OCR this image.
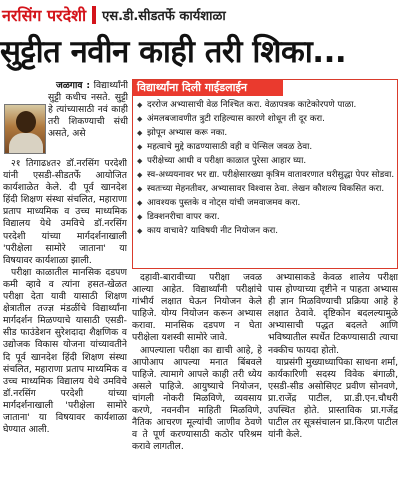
नरसिंग परदेशी एस.डी.सीडतर्फे कार्यशाळा
सुट्टीत नवीन काही तरी शिका...

जळगाव : विद्यार्थ्यांनी सुट्टी कधीच नसते. सुट्टी हे त्यांच्यासाठी नवं काही तरी शिकण्याची संधी असते, असे

२१ तिगाढ४त२ डॉ.नरसिंग परदेशी यांनी एसडी-सीडतर्फे आयोजित कार्यशाळेत केले. दी पूर्व खानदेश हिंदी शिक्षण संस्था संचलित, महाराणा प्रताप माध्यमिक व उच्च माध्यमिक विद्यालय येथे उमविचे डॉ.नरसिंग परदेशी यांच्या मार्गदर्शनाखाली 'परीक्षेला सामोरे जाताना' या विषयावर कार्यशाळा झाली.

परीक्षा काळातील मानसिक दडपण कमी व्हावे व त्यांना हसत-खेळत परीक्षा देता यावी यासाठी शिक्षण क्षेत्रातील तज्ज्ञ मंडळींचे विद्यार्थ्यांना मार्गदर्शन मिळण्याचे यासाठी एसडी-सीड फाउंडेशन सुरेशदादा शैक्षणिक व उद्योजक विकास योजना यांच्यावतीने दि पूर्व खानदेश हिंदी शिक्षण संस्था संचलित, महाराणा प्रताप माध्यमिक व उच्च माध्यमिक विद्यालय येथे उमविचे डॉ.नरसिंग परदेशी यांच्या मार्गदर्शनाखाली 'परीक्षेला सामोरे जाताना' या विषयावर कार्यशाळा घेण्यात आली.

विद्यार्थ्यांना दिली गाईडलाईन
◆ दररोज अभ्यासाची वेळ निश्चित करा. वेळापत्रक काटेकोरपणे पाळा.
◆ अंमलबजावणीत त्रुटी राहिल्यास कारणे शोधून ती दूर करा.
◆ झोपून अभ्यास करू नका.
◆ महत्वाचे मुद्दे काढण्यासाठी वही व पेन्सिल जवळ ठेवा.
◆ परीक्षेच्या आधी व परीक्षा काळात पुरेसा आहार घ्या.
◆ स्व-अध्ययनावर भर द्या. परीक्षेसारख्या कृत्रिम वातावरणात घरीसुद्धा पेपर सोडवा.
◆ स्वतःच्या मेहनतीवर, अभ्यासावर विश्वास ठेवा. लेखन कौशल्य विकसित करा.
◆ आवश्यक पुस्तके व नोट्स यांची जमवाजमव करा.
◆ डिक्शनरीचा वापर करा.
◆ काय वाचावे? याविषयी नीट नियोजन करा.

दहावी-बारावीच्या परीक्षा जवळ आल्या आहेत. विद्यार्थ्यांनी परीक्षांचे गांभीर्य लक्षात घेऊन नियोजन केले पाहिजे. योग्य नियोजन करून अभ्यास करावा. मानसिक दडपण न घेता परीक्षेला यशस्वी सामोरे जावे.

आपल्याला परीक्षा का द्याची आहे, हे आपोआप आपल्या मनात बिंबवले पाहिजे. त्यामागे आपले काही तरी ध्येय असले पाहिजे. आयुष्याचे नियोजन, चांगली नोकरी मिळविणे, व्यवसाय करणे, नवनवीन माहिती मिळविणे, नैतिक आचरण मूल्यांची जाणीव ठेवणे व ते पूर्ण करण्यासाठी कठोर परिश्रम करावे लागतील.

अभ्यासाकडे केवळ शालेय परीक्षा पास होण्याच्या दृष्टीने न पाहता अभ्यास ही ज्ञान मिळविण्याची प्रक्रिया आहे हे लक्षात ठेवावे. दृष्टिकोन बदलल्यामुळे अभ्यासाची पद्धत बदलते आणि भविष्यातील स्पर्धेत टिकण्यासाठी त्याचा नक्कीच फायदा होतो.

याप्रसंगी मुख्याध्यापिका साधना शर्मा, कार्यकारिणी सदस्य विवेक बंगाळी, एसडी-सीड असोसिएट प्रवीण सोनवणे, प्रा.राजेंद्र पाटील, प्रा.डी.एन.चौधरी उपस्थित होते. प्रास्ताविक प्रा.गजेंद्र पाटील तर सूत्रसंचालन प्रा.किरण पाटील यांनी केले.
